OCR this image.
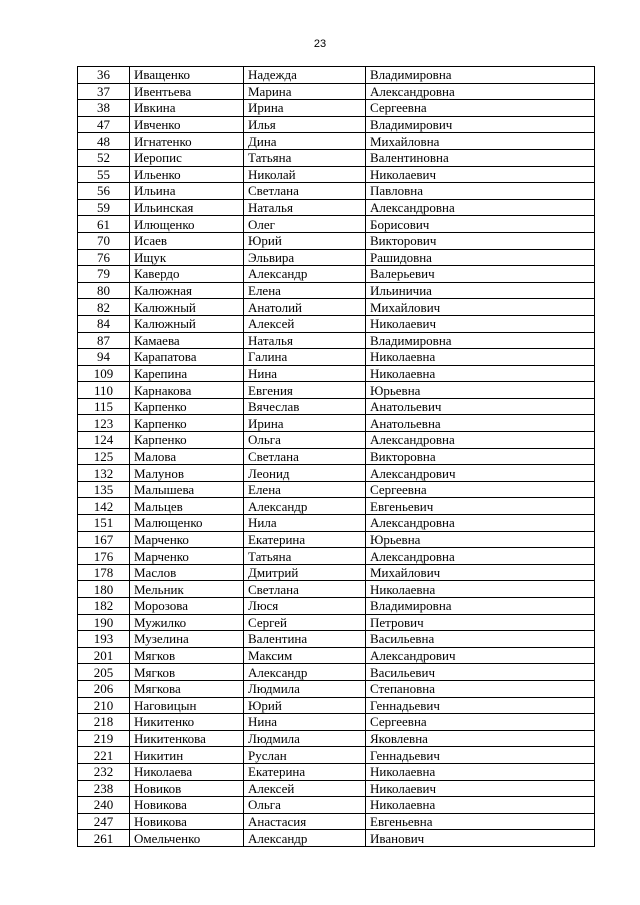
23
36	Иващенко	Надежда	Владимировна
37	Ивентьева	Марина	Александровна
38	Ивкина	Ирина	Сергеевна
47	Ивченко	Илья	Владимирович
48	Игнатенко	Дина	Михайловна
52	Иеропис	Татьяна	Валентиновна
55	Ильенко	Николай	Николаевич
56	Ильина	Светлана	Павловна
59	Ильинская	Наталья	Александровна
61	Илющенко	Олег	Борисович
70	Исаев	Юрий	Викторович
76	Ищук	Эльвира	Рашидовна
79	Кавердо	Александр	Валерьевич
80	Калюжная	Елена	Ильиничиа
82	Калюжный	Анатолий	Михайлович
84	Калюжный	Алексей	Николаевич
87	Камаева	Наталья	Владимировна
94	Карапатова	Галина	Николаевна
109	Карепина	Нина	Николаевна
110	Карнакова	Евгения	Юрьевна
115	Карпенко	Вячеслав	Анатольевич
123	Карпенко	Ирина	Анатольевна
124	Карпенко	Ольга	Александровна
125	Малова	Светлана	Викторовна
132	Малунов	Леонид	Александрович
135	Малышева	Елена	Сергеевна
142	Мальцев	Александр	Евгеньевич
151	Малющенко	Нила	Александровна
167	Марченко	Екатерина	Юрьевна
176	Марченко	Татьяна	Александровна
178	Маслов	Дмитрий	Михайлович
180	Мельник	Светлана	Николаевна
182	Морозова	Люся	Владимировна
190	Мужилко	Сергей	Петрович
193	Музелина	Валентина	Васильевна
201	Мягков	Максим	Александрович
205	Мягков	Александр	Васильевич
206	Мягкова	Людмила	Степановна
210	Наговицын	Юрий	Геннадьевич
218	Никитенко	Нина	Сергеевна
219	Никитенкова	Людмила	Яковлевна
221	Никитин	Руслан	Геннадьевич
232	Николаева	Екатерина	Николаевна
238	Новиков	Алексей	Николаевич
240	Новикова	Ольга	Николаевна
247	Новикова	Анастасия	Евгеньевна
261	Омельченко	Александр	Иванович
